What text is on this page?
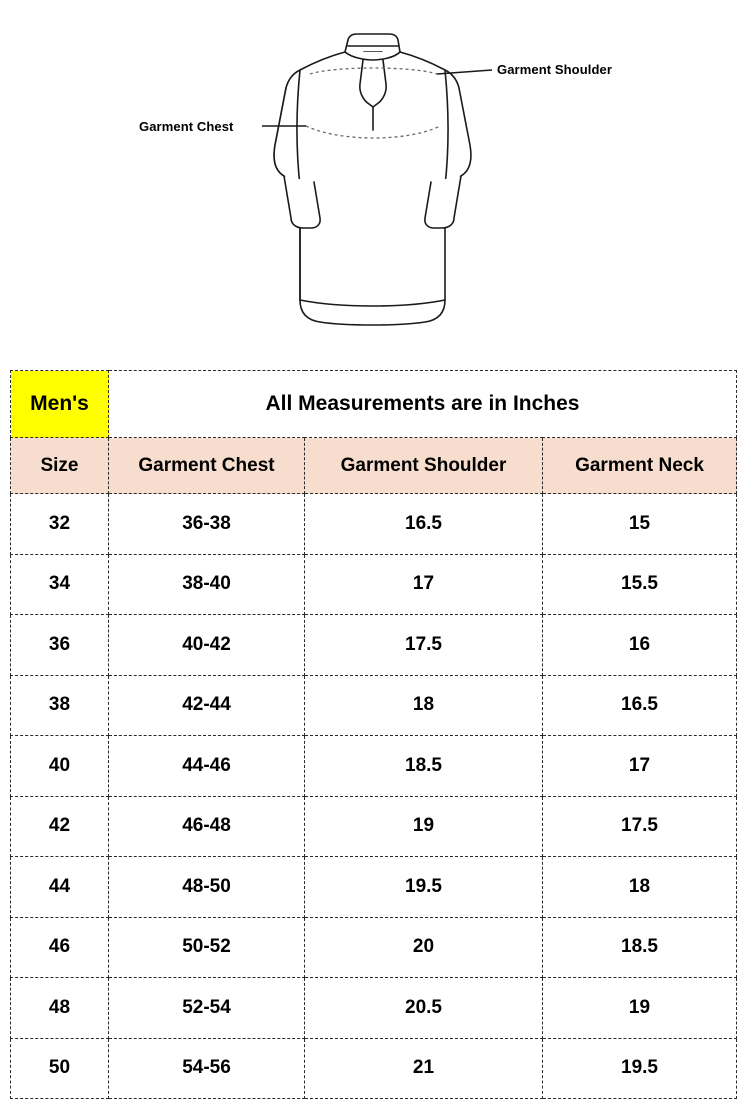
Garment Shoulder
Garment Chest
Men's	All Measurements are in Inches		
Size	Garment Chest	Garment Shoulder	Garment Neck
32	36-38	16.5	15
34	38-40	17	15.5
36	40-42	17.5	16
38	42-44	18	16.5
40	44-46	18.5	17
42	46-48	19	17.5
44	48-50	19.5	18
46	50-52	20	18.5
48	52-54	20.5	19
50	54-56	21	19.5
